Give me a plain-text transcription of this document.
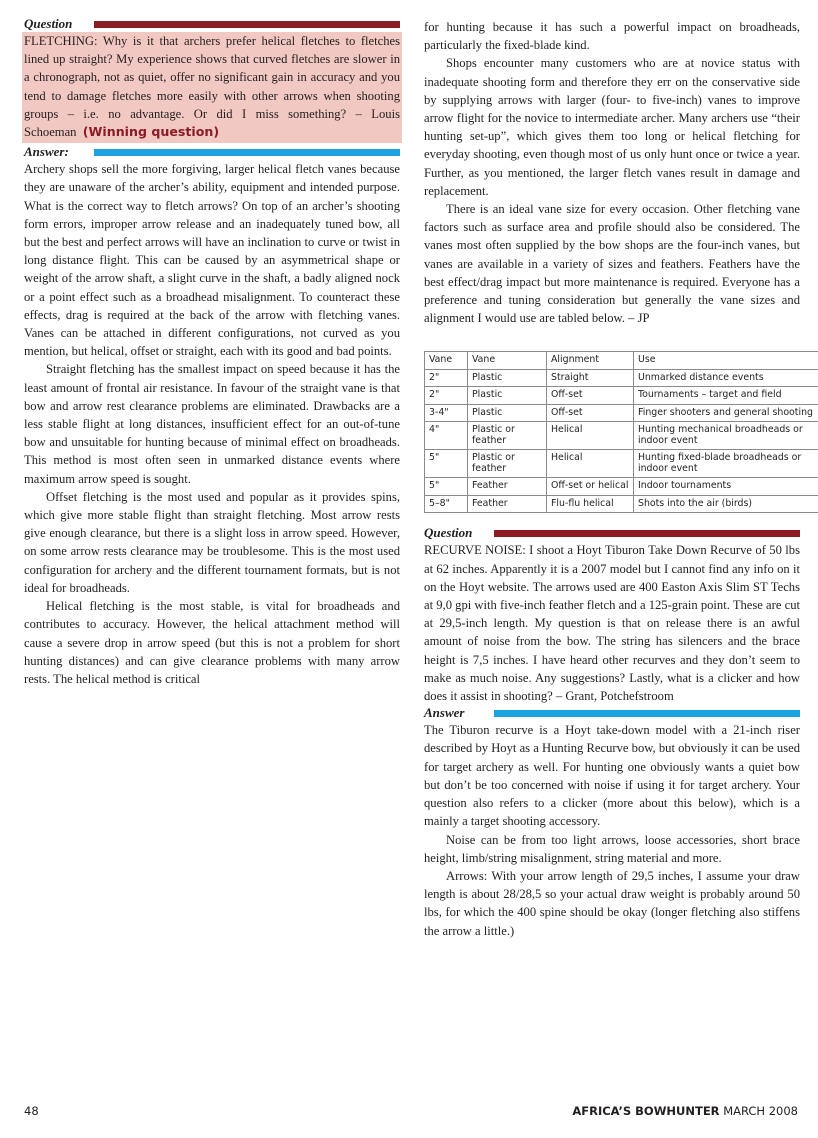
Question

FLETCHING: Why is it that archers prefer helical fletches to fletches lined up straight? My experience shows that curved fletches are slower in a chronograph, not as quiet, offer no significant gain in accuracy and you tend to damage fletches more easily with other arrows when shooting groups – i.e. no advantage. Or did I miss something? – Louis Schoeman (Winning question)

Answer:

Archery shops sell the more forgiving, larger helical fletch vanes because they are unaware of the archer’s ability, equipment and intended purpose. What is the correct way to fletch arrows? On top of an archer’s shooting form errors, improper arrow release and an inadequately tuned bow, all but the best and perfect arrows will have an inclination to curve or twist in long distance flight. This can be caused by an asymmetrical shape or weight of the arrow shaft, a slight curve in the shaft, a badly aligned nock or a point effect such as a broadhead misalignment. To counteract these effects, drag is required at the back of the arrow with fletching vanes. Vanes can be attached in different configurations, not curved as you mention, but helical, offset or straight, each with its good and bad points.

Straight fletching has the smallest impact on speed because it has the least amount of frontal air resistance. In favour of the straight vane is that bow and arrow rest clearance problems are eliminated. Drawbacks are a less stable flight at long distances, insufficient effect for an out-of-tune bow and unsuitable for hunting because of minimal effect on broadheads. This method is most often seen in unmarked distance events where maximum arrow speed is sought.

Offset fletching is the most used and popular as it provides spins, which give more stable flight than straight fletching. Most arrow rests give enough clearance, but there is a slight loss in arrow speed. However, on some arrow rests clearance may be troublesome. This is the most used configuration for archery and the different tournament formats, but is not ideal for broadheads.

Helical fletching is the most stable, is vital for broadheads and contributes to accuracy. However, the helical attachment method will cause a severe drop in arrow speed (but this is not a problem for short hunting distances) and can give clearance problems with many arrow rests. The helical method is critical

for hunting because it has such a powerful impact on broadheads, particularly the fixed-blade kind.

Shops encounter many customers who are at novice status with inadequate shooting form and therefore they err on the conservative side by supplying arrows with larger (four- to five-inch) vanes to improve arrow flight for the novice to intermediate archer. Many archers use “their hunting set-up”, which gives them too long or helical fletching for everyday shooting, even though most of us only hunt once or twice a year. Further, as you mentioned, the larger fletch vanes result in damage and replacement.

There is an ideal vane size for every occasion. Other fletching vane factors such as surface area and profile should also be considered. The vanes most often supplied by the bow shops are the four-inch vanes, but vanes are available in a variety of sizes and feathers. Feathers have the best effect/drag impact but more maintenance is required. Everyone has a preference and tuning consideration but generally the vane sizes and alignment I would use are tabled below. – JP

Vane	Vane	Alignment	Use
2"	Plastic	Straight	Unmarked distance events
2"	Plastic	Off-set	Tournaments – target and field
3-4"	Plastic	Off-set	Finger shooters and general shooting
4"	Plastic or feather	Helical	Hunting mechanical broadheads or indoor event
5"	Plastic or feather	Helical	Hunting fixed-blade broadheads or indoor event
5"	Feather	Off-set or helical	Indoor tournaments
5–8"	Feather	Flu-flu helical	Shots into the air (birds)
Question

RECURVE NOISE: I shoot a Hoyt Tiburon Take Down Recurve of 50 lbs at 62 inches. Apparently it is a 2007 model but I cannot find any info on it on the Hoyt website. The arrows used are 400 Easton Axis Slim ST Techs at 9,0 gpi with five-inch feather fletch and a 125-grain point. These are cut at 29,5-inch length. My question is that on release there is an awful amount of noise from the bow. The string has silencers and the brace height is 7,5 inches. I have heard other recurves and they don’t seem to make as much noise. Any suggestions? Lastly, what is a clicker and how does it assist in shooting? – Grant, Potchefstroom

Answer

The Tiburon recurve is a Hoyt take-down model with a 21-inch riser described by Hoyt as a Hunting Recurve bow, but obviously it can be used for target archery as well. For hunting one obviously wants a quiet bow but don’t be too concerned with noise if using it for target archery. Your question also refers to a clicker (more about this below), which is a mainly a target shooting accessory.

Noise can be from too light arrows, loose accessories, short brace height, limb/string misalignment, string material and more.

Arrows: With your arrow length of 29,5 inches, I assume your draw length is about 28/28,5 so your actual draw weight is probably around 50 lbs, for which the 400 spine should be okay (longer fletching also stiffens the arrow a little.)

48	AFRICA’S BOWHUNTER MARCH 2008
